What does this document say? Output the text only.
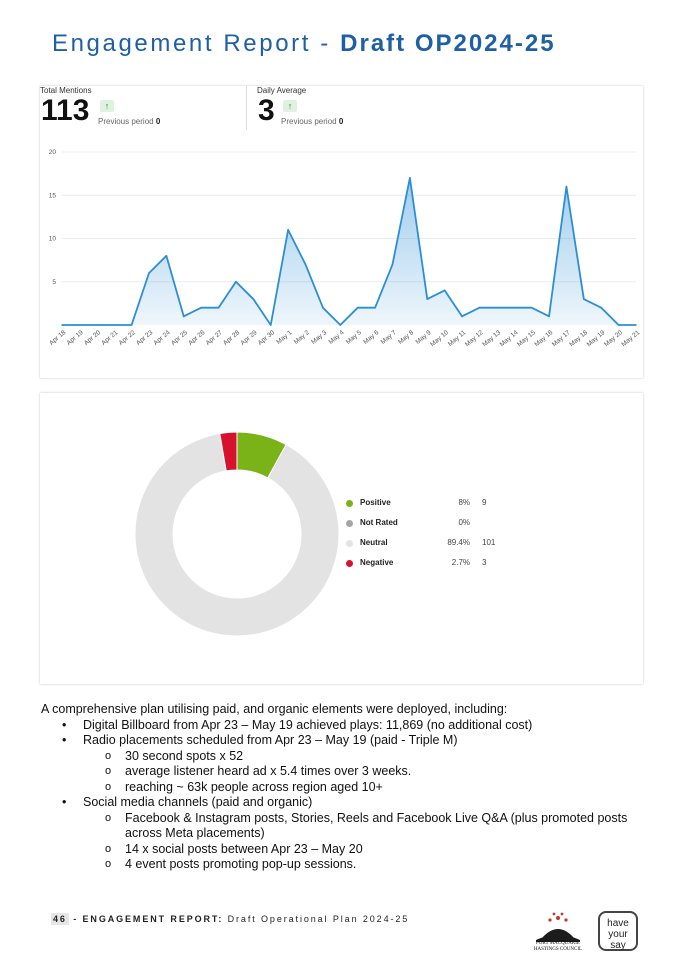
Engagement Report - Draft OP2024-25
Total Mentions
113	↑
Previous period 0
Daily Average
3	↑
Previous period 0
5
10
15
20
Apr 18
Apr 19
Apr 20
Apr 21
Apr 22
Apr 23
Apr 24
Apr 25
Apr 26
Apr 27
Apr 28
Apr 29
Apr 30 May 1 May 2 May 3 May 4 May 5 May 6 May 7 May 8 May 9
May 10
May 11
May 12
May 13
May 14
May 15
May 16
May 17
May 18
May 19
May 20
May 21
Positive	8% 9
Not Rated	0%
Neutral	89.4% 101
Negative	2.7% 3

A comprehensive plan utilising paid, and organic elements were deployed, including:

• Digital Billboard from Apr 23 – May 19 achieved plays: 11,869 (no additional cost)
• Radio placements scheduled from Apr 23 – May 19 (paid - Triple M)
o 30 second spots x 52
o average listener heard ad x 5.4 times over 3 weeks.
o reaching ~ 63k people across region aged 10+
• Social media channels (paid and organic)
o Facebook & Instagram posts, Stories, Reels and Facebook Live Q&A (plus promoted posts across Meta placements)
o 14 x social posts between Apr 23 – May 20
o 4 event posts promoting pop-up sessions.
46 - ENGAGEMENT REPORT: Draft Operational Plan 2024-25
PORT MACQUARIE HASTINGS COUNCIL
have
your say
